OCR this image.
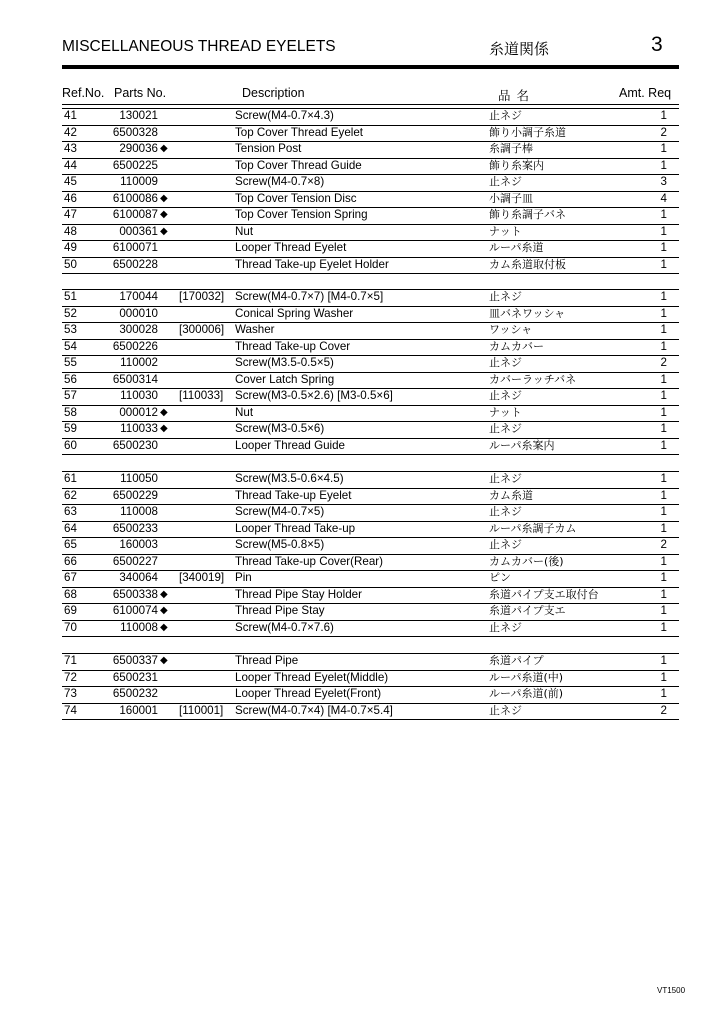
MISCELLANEOUS THREAD EYELETS	糸道関係	3
Ref.No. Parts No.	Description	品名	Amt. Req
41	130021	Screw(M4-0.7×4.3)	止ネジ	1
42	6500328	Top Cover Thread Eyelet	飾り小調子糸道	2
43	290036 ◆	Tension Post	糸調子棒	1
44	6500225	Top Cover Thread Guide	飾り糸案内	1
45	110009	Screw(M4-0.7×8)	止ネジ	3
46	6100086 ◆	Top Cover Tension Disc	小調子皿	4
47	6100087 ◆	Top Cover Tension Spring	飾り糸調子バネ	1
48	000361 ◆	Nut	ナット	1
49	6100071	Looper Thread Eyelet	ルーパ糸道	1
50	6500228	Thread Take-up Eyelet Holder	カム糸道取付板	1
51	170044 [170032] Screw(M4-0.7×7) [M4-0.7×5]	止ネジ	1
52	000010	Conical Spring Washer	皿バネワッシャ	1
53	300028 [300006] Washer	ワッシャ	1
54	6500226	Thread Take-up Cover	カムカバー	1
55	110002	Screw(M3.5-0.5×5)	止ネジ	2
56	6500314	Cover Latch Spring	カバーラッチバネ	1
57	110030 [110033] Screw(M3-0.5×2.6) [M3-0.5×6]	止ネジ	1
58	000012 ◆	Nut	ナット	1
59	110033 ◆	Screw(M3-0.5×6)	止ネジ	1
60	6500230	Looper Thread Guide	ルーパ糸案内	1
61	110050	Screw(M3.5-0.6×4.5)	止ネジ	1
62	6500229	Thread Take-up Eyelet	カム糸道	1
63	110008	Screw(M4-0.7×5)	止ネジ	1
64	6500233	Looper Thread Take-up	ルーパ糸調子カム	1
65	160003	Screw(M5-0.8×5)	止ネジ	2
66	6500227	Thread Take-up Cover(Rear)	カムカバー(後)	1
67	340064 [340019] Pin	ピン	1
68	6500338 ◆	Thread Pipe Stay Holder	糸道パイプ支エ取付台	1
69	6100074 ◆	Thread Pipe Stay	糸道パイプ支エ	1
70	110008 ◆	Screw(M4-0.7×7.6)	止ネジ	1
71	6500337 ◆	Thread Pipe	糸道パイプ	1
72	6500231	Looper Thread Eyelet(Middle)	ルーパ糸道(中)	1
73	6500232	Looper Thread Eyelet(Front)	ルーパ糸道(前)	1
74	160001 [110001] Screw(M4-0.7×4) [M4-0.7×5.4]	止ネジ	2
VT1500
